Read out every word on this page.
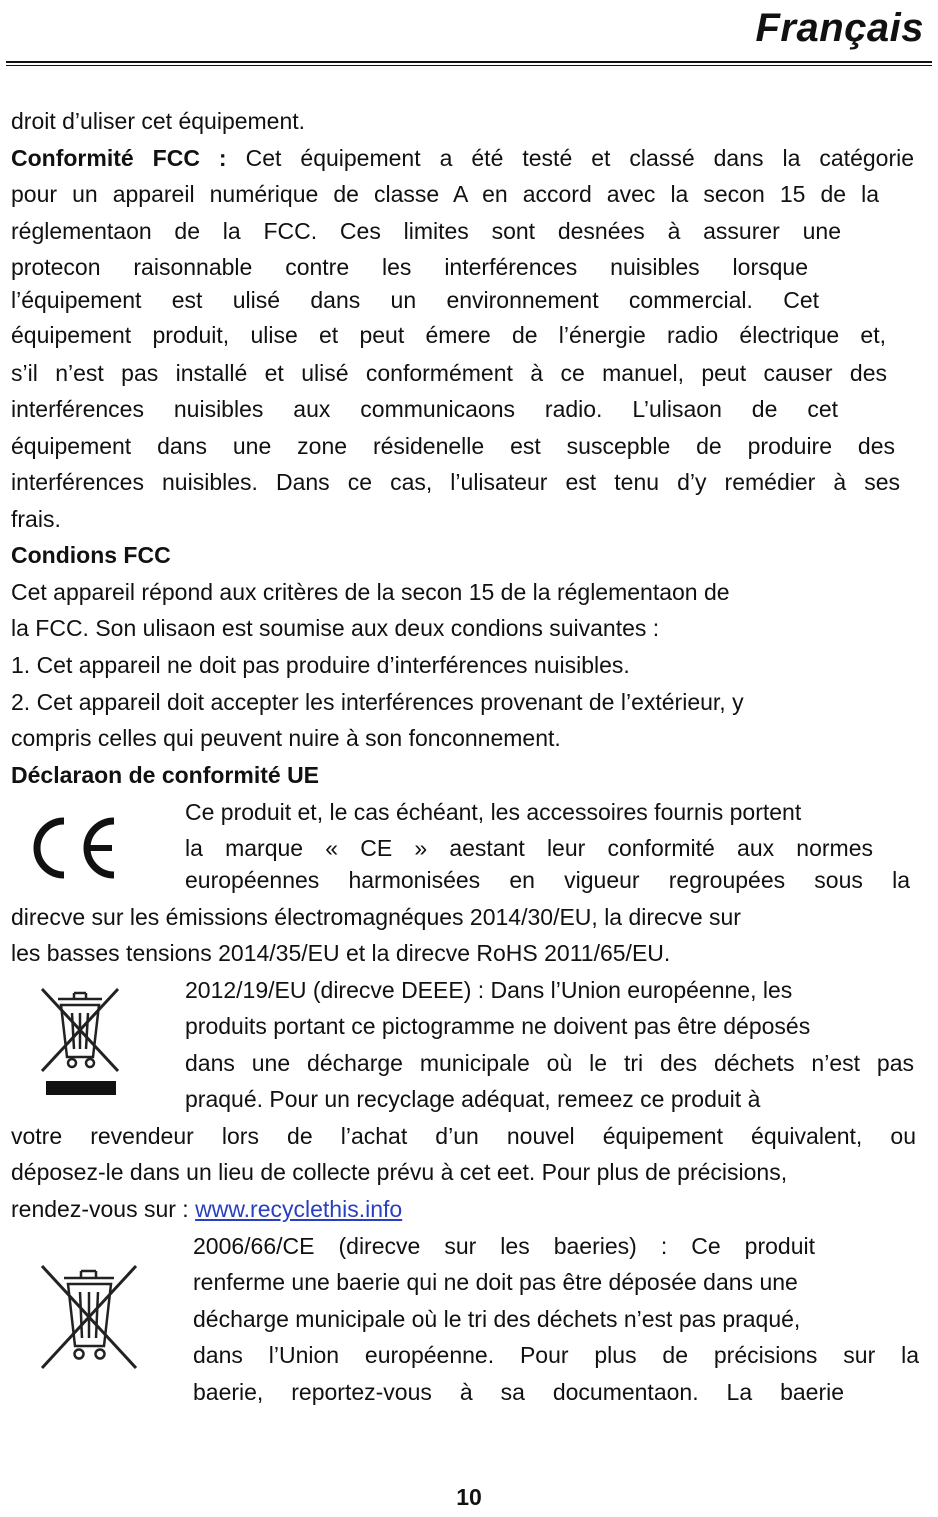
Français
droit d’uliser cet équipement.
Conformité FCC : Cet équipement a été testé et classé dans la catégorie
pour un appareil numérique de classe A en accord avec la secon 15 de la
réglementaon de la FCC. Ces limites sont desnées à assurer une
protecon raisonnable contre les interférences nuisibles lorsque
l’équipement est ulisé dans un environnement commercial. Cet
équipement produit, ulise et peut émere de l’énergie radio électrique et,
s’il n’est pas installé et ulisé conformément à ce manuel, peut causer des
interférences nuisibles aux communicaons radio. L’ulisaon de cet
équipement dans une zone résidenelle est suscepble de produire des
interférences nuisibles. Dans ce cas, l’ulisateur est tenu d’y remédier à ses
frais.
Condions FCC
Cet appareil répond aux critères de la secon 15 de la réglementaon de
la FCC. Son ulisaon est soumise aux deux condions suivantes :
1. Cet appareil ne doit pas produire d’interférences nuisibles.
2. Cet appareil doit accepter les interférences provenant de l’extérieur, y
compris celles qui peuvent nuire à son fonconnement.
Déclaraon de conformité UE
CE	Ce produit et, le cas échéant, les accessoires fournis portent
la marque « CE » aestant leur conformité aux normes
européennes harmonisées en vigueur regroupées sous la
direcve sur les émissions électromagnéques 2014/30/EU, la direcve sur
les basses tensions 2014/35/EU et la direcve RoHS 2011/65/EU.
2012/19/EU (direcve DEEE) : Dans l’Union européenne, les
produits portant ce pictogramme ne doivent pas être déposés
dans une décharge municipale où le tri des déchets n’est pas
praqué. Pour un recyclage adéquat, remeez ce produit à
votre revendeur lors de l’achat d’un nouvel équipement équivalent, ou
déposez-le dans un lieu de collecte prévu à cet eet. Pour plus de précisions,
rendez-vous sur : www.recyclethis.info
2006/66/CE (direcve sur les baeries) : Ce produit
renferme une baerie qui ne doit pas être déposée dans une
décharge municipale où le tri des déchets n’est pas praqué,
dans l’Union européenne. Pour plus de précisions sur la
baerie, reportez-vous à sa documentaon. La baerie
10
